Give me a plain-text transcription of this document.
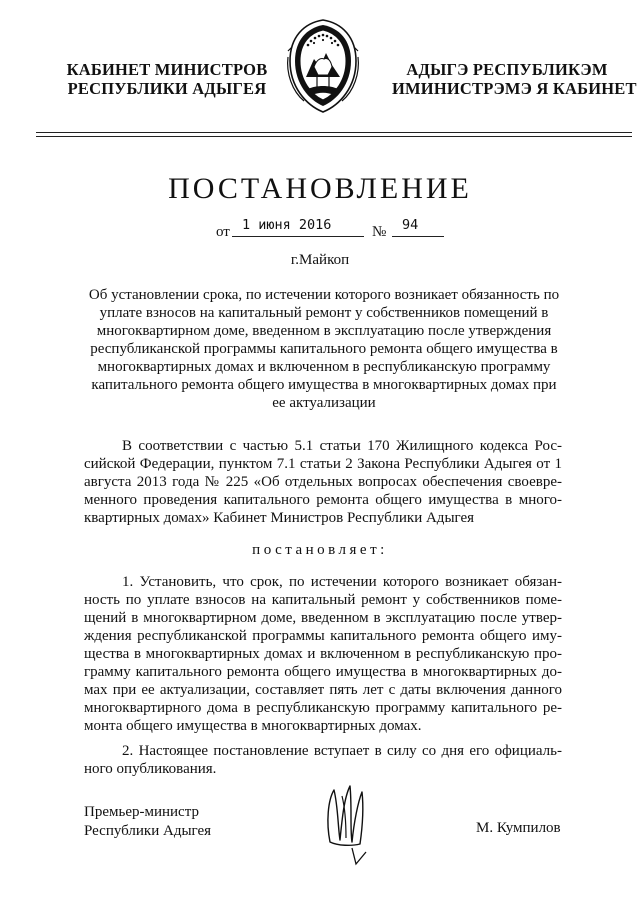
КАБИНЕТ МИНИСТРОВ
РЕСПУБЛИКИ АДЫГЕЯ
АДЫГЭ РЕСПУБЛИКЭМ
ИМИНИСТРЭМЭ Я КАБИНЕТ
ПОСТАНОВЛЕНИЕ
от 1 июня 2016	№ 94
г.Майкоп
Об установлении срока, по истечении которого возникает обязанность по
уплате взносов на капитальный ремонт у собственников помещений в
многоквартирном доме, введенном в эксплуатацию после утверждения
республиканской программы капитального ремонта общего имущества в
многоквартирных домах и включенном в республиканскую программу
капитального ремонта общего имущества в многоквартирных домах при
ее актуализации
В соответствии с частью 5.1 статьи 170 Жилищного кодекса Рос-
сийской Федерации, пунктом 7.1 статьи 2 Закона Республики Адыгея от 1
августа 2013 года № 225 «Об отдельных вопросах обеспечения своевре-
менного проведения капитального ремонта общего имущества в много-
квартирных домах» Кабинет Министров Республики Адыгея
постановляет:
1. Установить, что срок, по истечении которого возникает обязан-
ность по уплате взносов на капитальный ремонт у собственников поме-
щений в многоквартирном доме, введенном в эксплуатацию после утвер-
ждения республиканской программы капитального ремонта общего иму-
щества в многоквартирных домах и включенном в республиканскую про-
грамму капитального ремонта общего имущества в многоквартирных до-
мах при ее актуализации, составляет пять лет с даты включения данного
многоквартирного дома в республиканскую программу капитального ре-
монта общего имущества в многоквартирных домах.
2. Настоящее постановление вступает в силу со дня его официаль-
ного опубликования.
Премьер-министр
Республики Адыгея	М. Кумпилов
